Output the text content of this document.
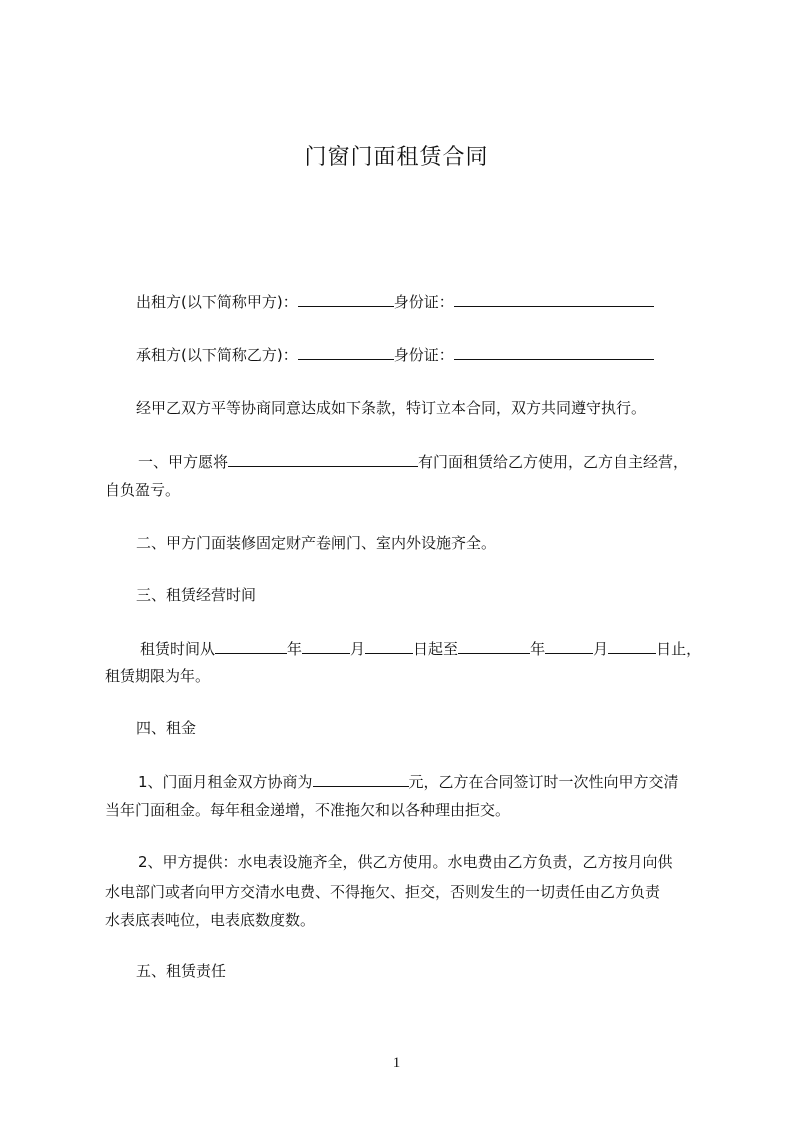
门窗门面租赁合同
出租方(以下简称甲方)：	身份证：
承租方(以下简称乙方)：	身份证：
经甲乙双方平等协商同意达成如下条款，特订立本合同，双方共同遵守执行。
一、甲方愿将	有门面租赁给乙方使用，乙方自主经营，
自负盈亏。
二、甲方门面装修固定财产卷闸门、室内外设施齐全。
三、租赁经营时间
租赁时间从	年	月	日起至	年	月	日止，
租赁期限为年。
四、租金
1、门面月租金双方协商为	元，乙方在合同签订时一次性向甲方交清
当年门面租金。每年租金递增，不准拖欠和以各种理由拒交。
2、甲方提供：水电表设施齐全，供乙方使用。水电费由乙方负责，乙方按月向供
水电部门或者向甲方交清水电费、不得拖欠、拒交，否则发生的一切责任由乙方负责
水表底表吨位，电表底数度数。
五、租赁责任
1
